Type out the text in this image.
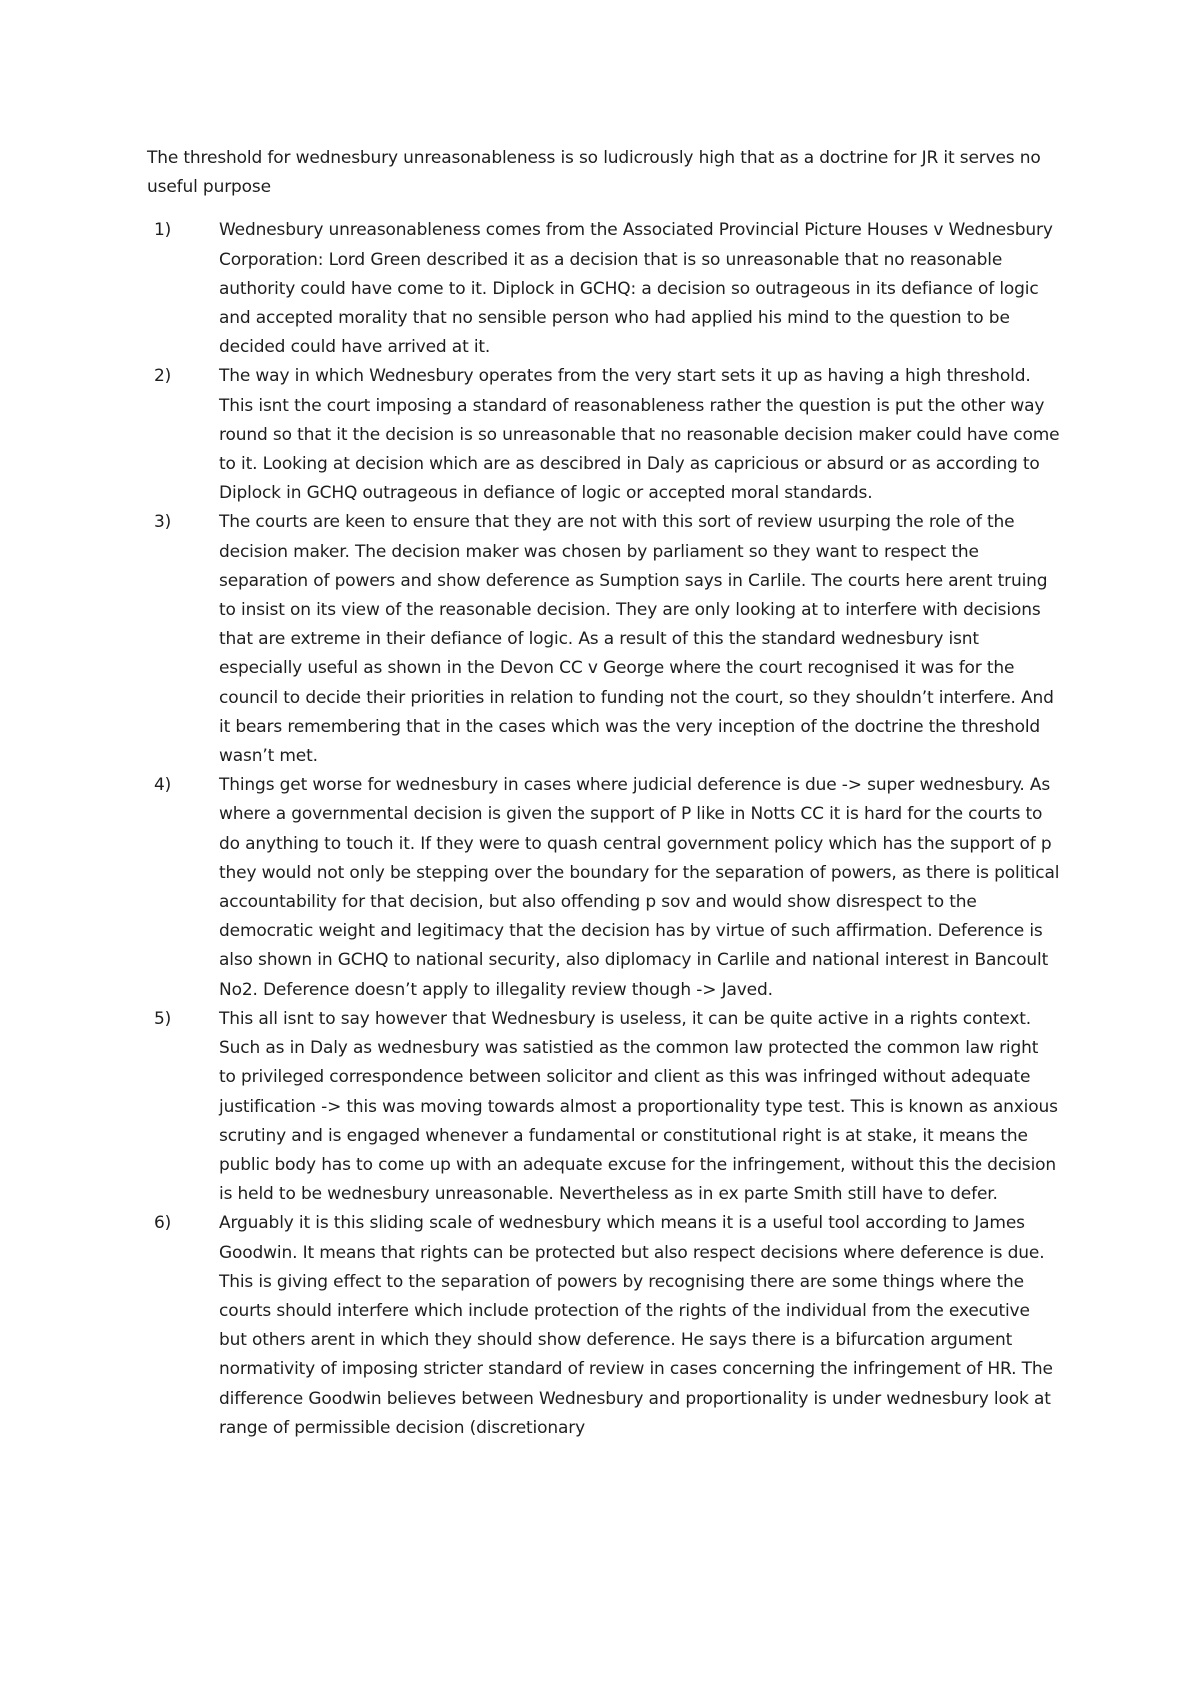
The threshold for wednesbury unreasonableness is so ludicrously high that as a doctrine for JR it serves no useful purpose

1)	Wednesbury unreasonableness comes from the Associated Provincial Picture Houses v Wednesbury Corporation: Lord Green described it as a decision that is so unreasonable that no reasonable authority could have come to it. Diplock in GCHQ: a decision so outrageous in its defiance of logic and accepted morality that no sensible person who had applied his mind to the question to be decided could have arrived at it.
2)	The way in which Wednesbury operates from the very start sets it up as having a high threshold. This isnt the court imposing a standard of reasonableness rather the question is put the other way round so that it the decision is so unreasonable that no reasonable decision maker could have come to it. Looking at decision which are as descibred in Daly as capricious or absurd or as according to Diplock in GCHQ outrageous in defiance of logic or accepted moral standards.
3)	The courts are keen to ensure that they are not with this sort of review usurping the role of the decision maker. The decision maker was chosen by parliament so they want to respect the separation of powers and show deference as Sumption says in Carlile. The courts here arent truing to insist on its view of the reasonable decision. They are only looking at to interfere with decisions that are extreme in their defiance of logic. As a result of this the standard wednesbury isnt especially useful as shown in the Devon CC v George where the court recognised it was for the council to decide their priorities in relation to funding not the court, so they shouldn’t interfere. And it bears remembering that in the cases which was the very inception of the doctrine the threshold wasn’t met.
4)	Things get worse for wednesbury in cases where judicial deference is due -> super wednesbury. As where a governmental decision is given the support of P like in Notts CC it is hard for the courts to do anything to touch it. If they were to quash central government policy which has the support of p they would not only be stepping over the boundary for the separation of powers, as there is political accountability for that decision, but also offending p sov and would show disrespect to the democratic weight and legitimacy that the decision has by virtue of such affirmation. Deference is also shown in GCHQ to national security, also diplomacy in Carlile and national interest in Bancoult No2. Deference doesn’t apply to illegality review though -> Javed.
5)	This all isnt to say however that Wednesbury is useless, it can be quite active in a rights context. Such as in Daly as wednesbury was satistied as the common law protected the common law right to privileged correspondence between solicitor and client as this was infringed without adequate justification -> this was moving towards almost a proportionality type test. This is known as anxious scrutiny and is engaged whenever a fundamental or constitutional right is at stake, it means the public body has to come up with an adequate excuse for the infringement, without this the decision is held to be wednesbury unreasonable. Nevertheless as in ex parte Smith still have to defer.
6)	Arguably it is this sliding scale of wednesbury which means it is a useful tool according to James Goodwin. It means that rights can be protected but also respect decisions where deference is due. This is giving effect to the separation of powers by recognising there are some things where the courts should interfere which include protection of the rights of the individual from the executive but others arent in which they should show deference. He says there is a bifurcation argument normativity of imposing stricter standard of review in cases concerning the infringement of HR. The difference Goodwin believes between Wednesbury and proportionality is under wednesbury look at range of permissible decision (discretionary
